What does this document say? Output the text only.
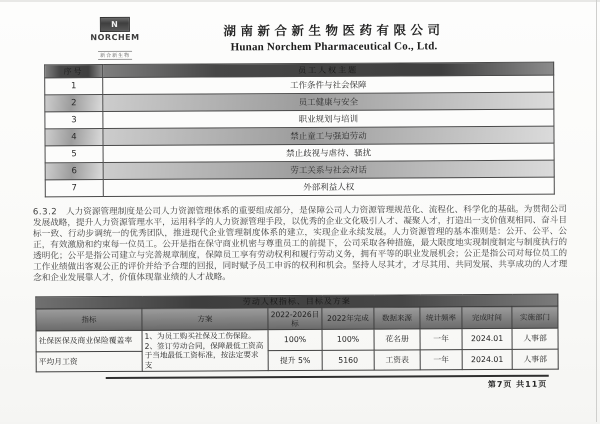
N
NORCHEM
新合新生物
湖南新合新生物医药有限公司
Hunan Norchem Pharmaceutical Co., Ltd.
序号	员工人权主题
1	工作条件与社会保障
2	员工健康与安全
3	职业规划与培训
4	禁止童工与强迫劳动
5	禁止歧视与虐待、骚扰
6	劳工关系与社会对话
7	外部利益人权

6.3.2　 人力资源管理制度是公司人力资源管理体系的重要组成部分，是保障公司人力资源管理规范化、流程化、科学化的基础。为贯彻公司发展战略，提升人力资源管理水平，运用科学的人力资源管理手段，以优秀的企业文化吸引人才、凝聚人才，打造出一支价值观相同、奋斗目标一致、行动步调统一的优秀团队，推进现代企业管理制度体系的建立，实现企业永续发展。人力资源管理的基本准则是：公开、公平、公正，有效激励和约束每一位员工。公开是指在保守商业机密与尊重员工的前提下，公司采取各种措施，最大限度地实现制度制定与制度执行的透明化；公平是指公司建立与完善规章制度，保障员工享有劳动权利和履行劳动义务，拥有平等的职业发展机会；公正是指公司对每位员工的工作业绩做出客观公正的评价并给予合理的回报，同时赋予员工申诉的权利和机会。坚持人尽其才，才尽其用、共同发展、共享成功的人才理念和企业发展靠人才，价值体现靠业绩的人才战略。

劳动人权指标、目标及方案							
指标	方案	2022-2026目标	2022年完成	数据来源	统计频率	完成时间	实施部门
社保医保及商业保险覆盖率	1、为员工购买社保及工伤保险。
2、签订劳动合同，保障最低工资高于当地最低工资标准，按法定要求支	100%	100%	花名册	一年	2024.01	人事部
平均月工资		提升 5%	5160	工资表	一年	2024.01	人事部
第7页 共11页
